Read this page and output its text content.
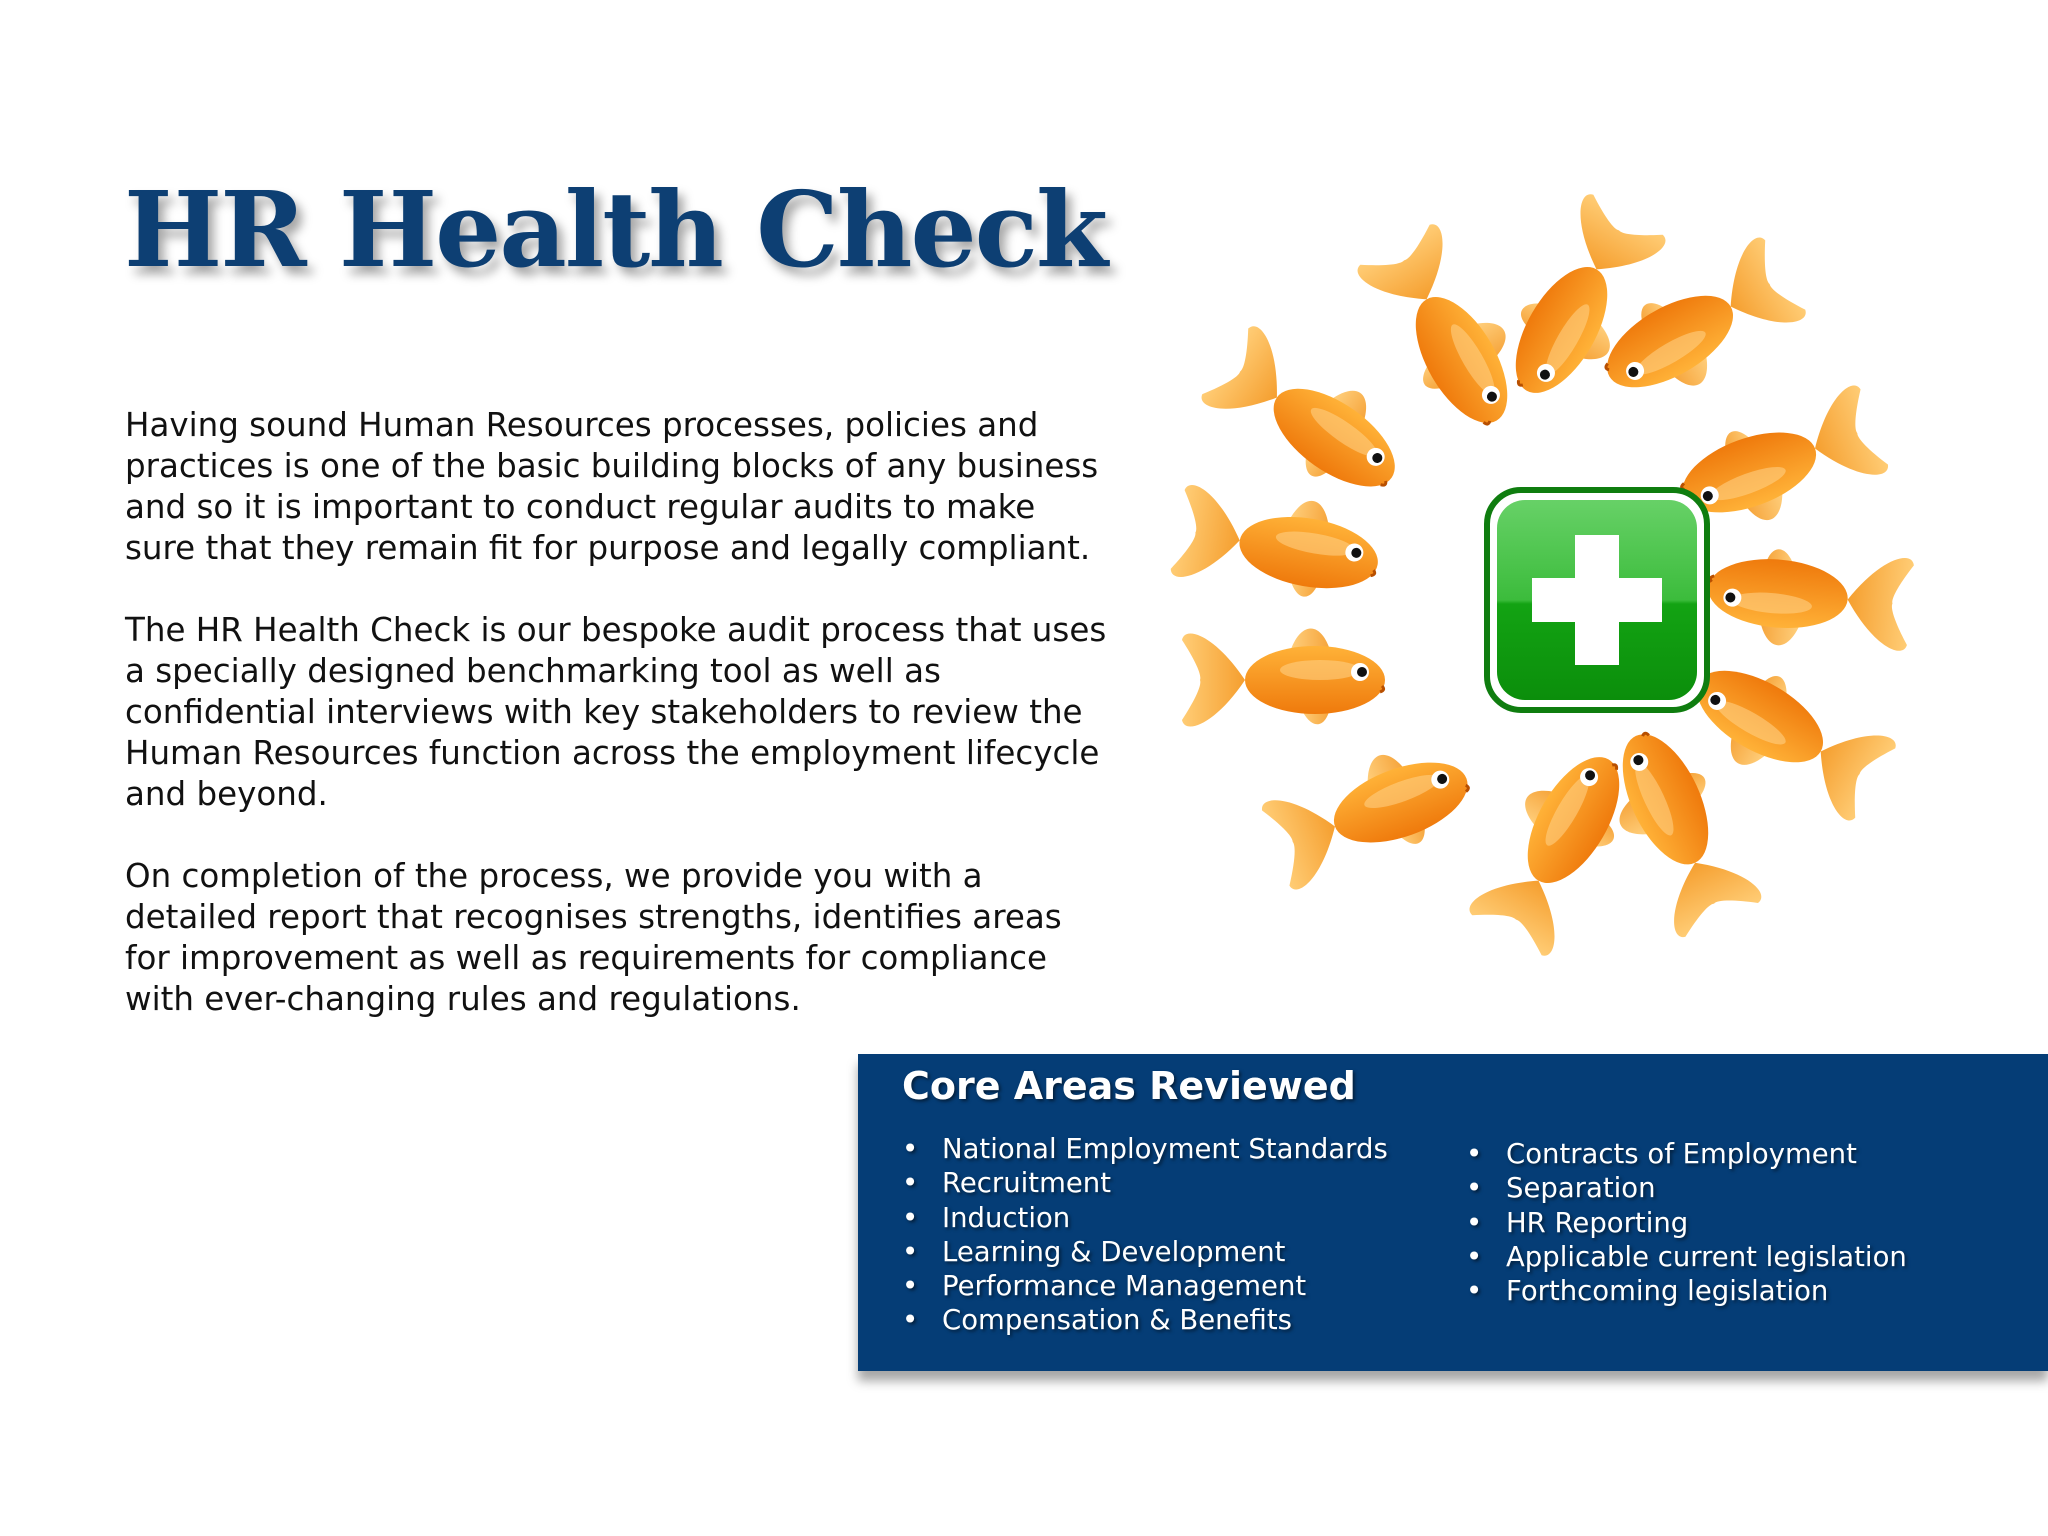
HR Health Check

Having sound Human Resources processes, policies and practices is one of the basic building blocks of any business and so it is important to conduct regular audits to make sure that they remain fit for purpose and legally compliant.

The HR Health Check is our bespoke audit process that uses a specially designed benchmarking tool as well as confidential interviews with key stakeholders to review the Human Resources function across the employment lifecycle and beyond.

On completion of the process, we provide you with a detailed report that recognises strengths, identifies areas for improvement as well as requirements for compliance with ever-changing rules and regulations.

Core Areas Reviewed
• National Employment Standards
• Recruitment
• Induction
• Learning & Development
• Performance Management
• Compensation & Benefits
• Contracts of Employment
• Separation
• HR Reporting
• Applicable current legislation
• Forthcoming legislation
